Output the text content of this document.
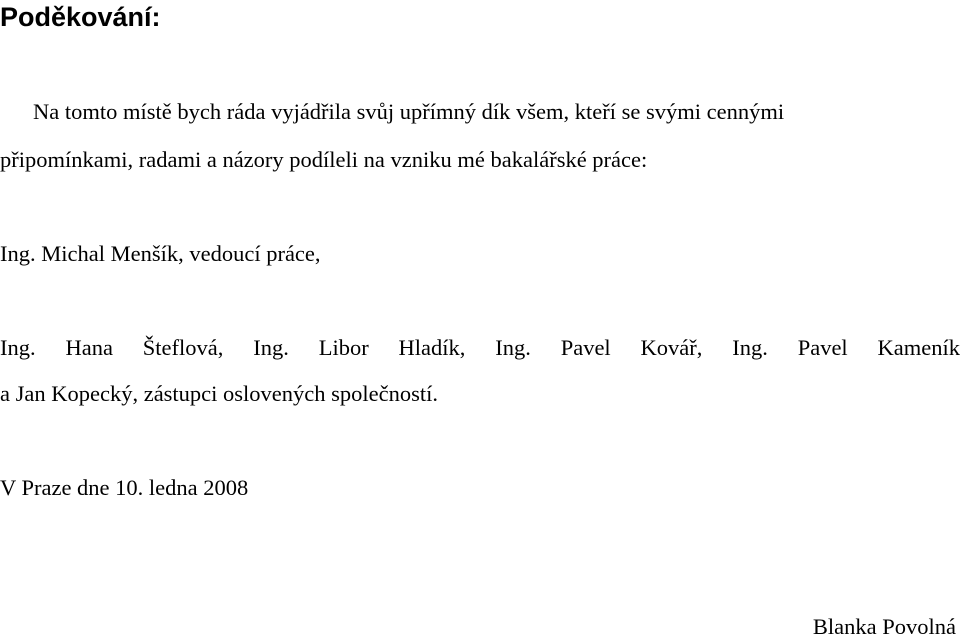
Poděkování:
Na tomto místě bych ráda vyjádřila svůj upřímný dík všem, kteří se svými cennými
připomínkami, radami a názory podíleli na vzniku mé bakalářské práce:
Ing. Michal Menšík, vedoucí práce,
Ing. Hana Šteflová, Ing. Libor Hladík, Ing. Pavel Kovář, Ing. Pavel Kameník
a Jan Kopecký, zástupci oslovených společností.
V Praze dne 10. ledna 2008
Blanka Povolná
